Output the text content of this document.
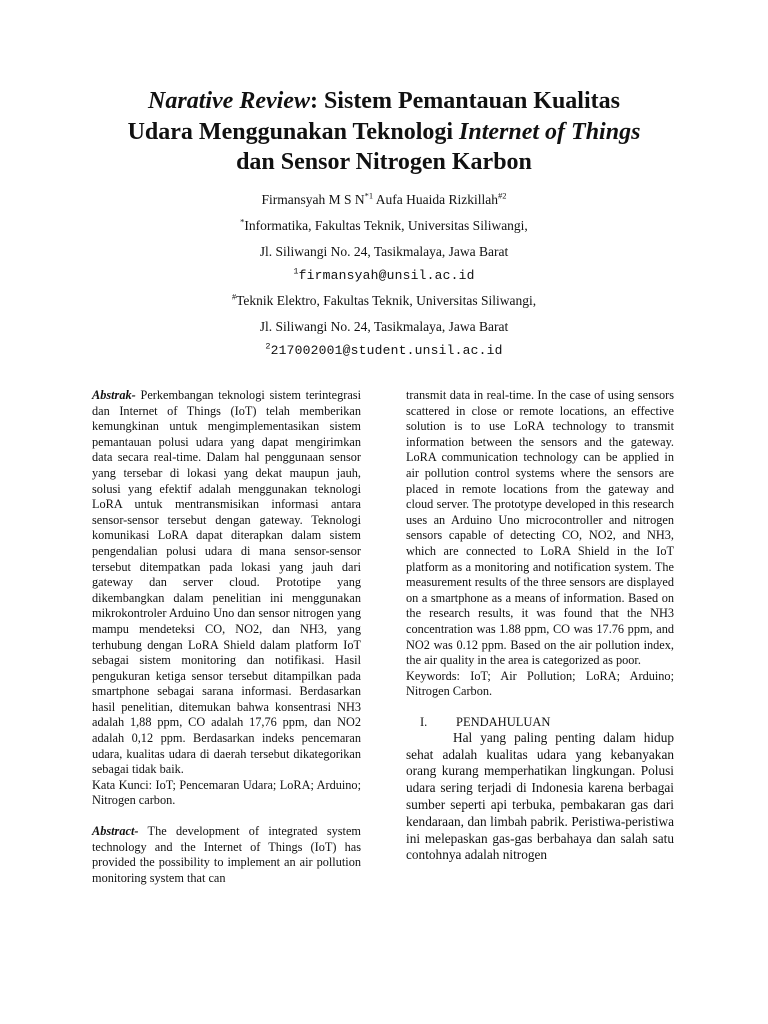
Narative Review: Sistem Pemantauan Kualitas
Udara Menggunakan Teknologi Internet of Things
dan Sensor Nitrogen Karbon
Firmansyah M S $N^{*1}$ Aufa Huaida Rizkillah$^{\#2}$
*Informatika, Fakultas Teknik, Universitas Siliwangi,
Jl. Siliwangi No. 24, Tasikmalaya, Jawa Barat
$^1$firmansyah@unsil.ac.id
#Teknik Elektro, Fakultas Teknik, Universitas Siliwangi,
Jl. Siliwangi No. 24, Tasikmalaya, Jawa Barat
$^2$217002001@student.unsil.ac.id

Abstrak- Perkembangan teknologi sistem terintegrasi dan Internet of Things (IoT) telah memberikan kemungkinan untuk mengimplementasikan sistem pemantauan polusi udara yang dapat mengirimkan data secara real-time. Dalam hal penggunaan sensor yang tersebar di lokasi yang dekat maupun jauh, solusi yang efektif adalah menggunakan teknologi LoRA untuk mentransmisikan informasi antara sensor-sensor tersebut dengan gateway. Teknologi komunikasi LoRA dapat diterapkan dalam sistem pengendalian polusi udara di mana sensor-sensor tersebut ditempatkan pada lokasi yang jauh dari gateway dan server cloud. Prototipe yang dikembangkan dalam penelitian ini menggunakan mikrokontroler Arduino Uno dan sensor nitrogen yang mampu mendeteksi CO, NO2, dan NH3, yang terhubung dengan LoRA Shield dalam platform IoT sebagai sistem monitoring dan notifikasi. Hasil pengukuran ketiga sensor tersebut ditampilkan pada smartphone sebagai sarana informasi. Berdasarkan hasil penelitian, ditemukan bahwa konsentrasi NH3 adalah 1,88 ppm, CO adalah 17,76 ppm, dan NO2 adalah 0,12 ppm. Berdasarkan indeks pencemaran udara, kualitas udara di daerah tersebut dikategorikan sebagai tidak baik.

Kata Kunci: IoT; Pencemaran Udara; LoRA; Arduino; Nitrogen carbon.

Abstract- The development of integrated system technology and the Internet of Things (IoT) has provided the possibility to implement an air pollution monitoring system that can

transmit data in real-time. In the case of using sensors scattered in close or remote locations, an effective solution is to use LoRA technology to transmit information between the sensors and the gateway. LoRA communication technology can be applied in air pollution control systems where the sensors are placed in remote locations from the gateway and cloud server. The prototype developed in this research uses an Arduino Uno microcontroller and nitrogen sensors capable of detecting CO, NO2, and NH3, which are connected to LoRA Shield in the IoT platform as a monitoring and notification system. The measurement results of the three sensors are displayed on a smartphone as a means of information. Based on the research results, it was found that the NH3 concentration was 1.88 ppm, CO was 17.76 ppm, and NO2 was 0.12 ppm. Based on the air pollution index, the air quality in the area is categorized as poor.

Keywords: IoT; Air Pollution; LoRA; Arduino; Nitrogen Carbon.

I. PENDAHULUAN

Hal yang paling penting dalam hidup sehat adalah kualitas udara yang kebanyakan orang kurang memperhatikan lingkungan. Polusi udara sering terjadi di Indonesia karena berbagai sumber seperti api terbuka, pembakaran gas dari kendaraan, dan limbah pabrik. Peristiwa-peristiwa ini melepaskan gas-gas berbahaya dan salah satu contohnya adalah nitrogen
